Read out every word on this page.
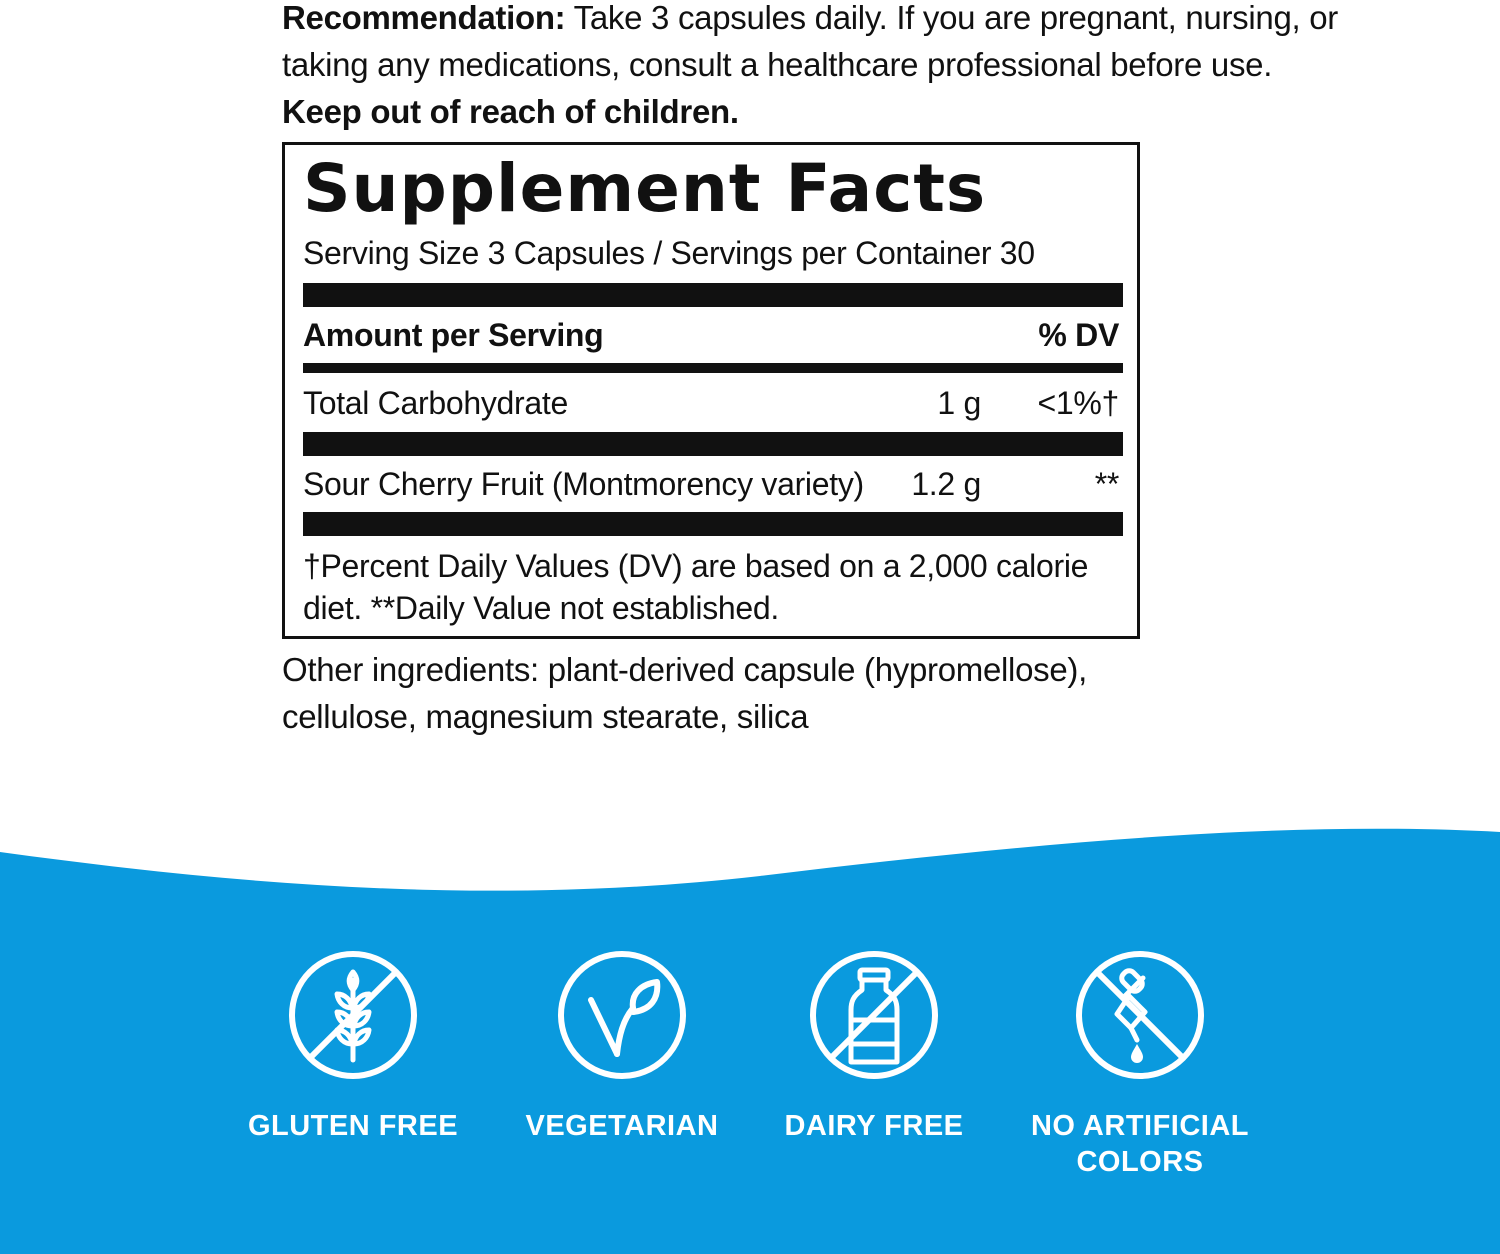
Recommendation: Take 3 capsules daily. If you are pregnant, nursing, or taking any medications, consult a healthcare professional before use. Keep out of reach of children.
Supplement Facts
Serving Size 3 Capsules / Servings per Container 30
Amount per Serving	% DV
Total Carbohydrate	1 g <1%†
Sour Cherry Fruit (Montmorency variety) 1.2 g	**
†Percent Daily Values (DV) are based on a 2,000 calorie diet. **Daily Value not established.
Other ingredients: plant-derived capsule (hypromellose), cellulose, magnesium stearate, silica
GLUTEN FREE	VEGETARIAN	DAIRY FREE	NO ARTIFICIAL
COLORS
